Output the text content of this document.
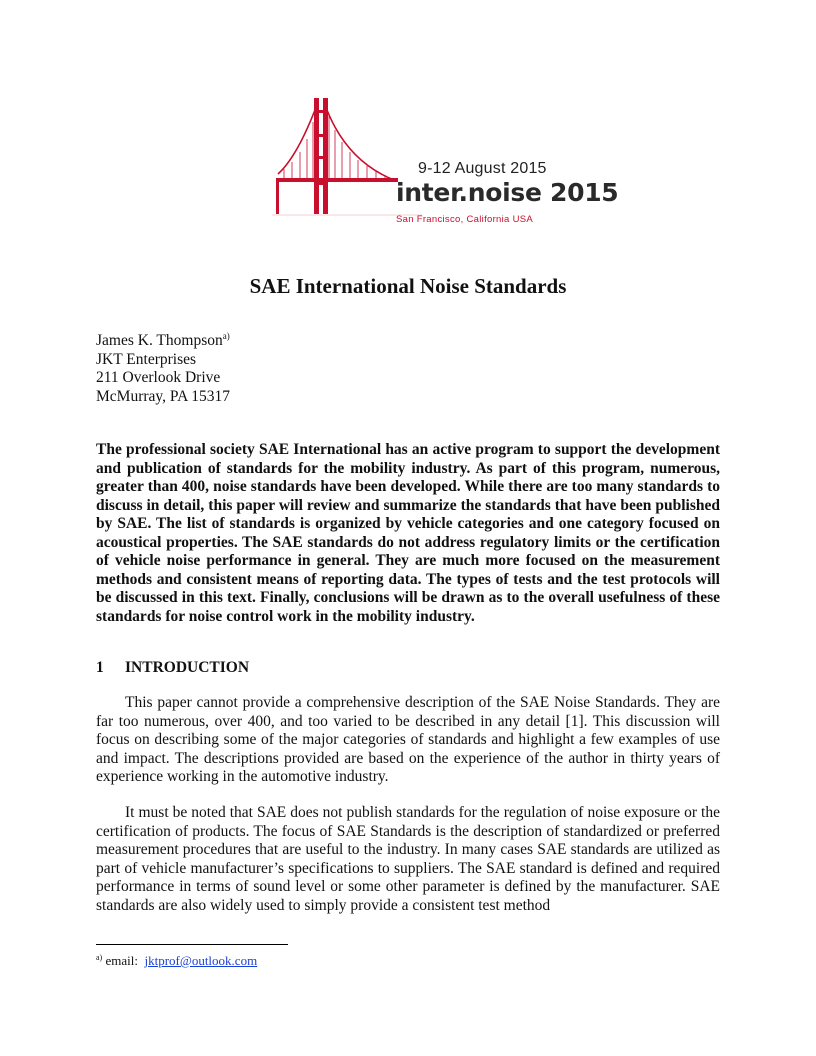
9-12 August 2015
inter.noise 2015
San Francisco, California USA
SAE International Noise Standards
James K. Thompson$^{a)}$
JKT Enterprises
211 Overlook Drive
McMurray, PA 15317

The professional society SAE International has an active program to support the development and publication of standards for the mobility industry. As part of this program, numerous, greater than 400, noise standards have been developed. While there are too many standards to discuss in detail, this paper will review and summarize the standards that have been published by SAE. The list of standards is organized by vehicle categories and one category focused on acoustical properties. The SAE standards do not address regulatory limits or the certification of vehicle noise performance in general. They are much more focused on the measurement methods and consistent means of reporting data. The types of tests and the test protocols will be discussed in this text. Finally, conclusions will be drawn as to the overall usefulness of these standards for noise control work in the mobility industry.

1 INTRODUCTION

This paper cannot provide a comprehensive description of the SAE Noise Standards. They are far too numerous, over 400, and too varied to be described in any detail [1]. This discussion will focus on describing some of the major categories of standards and highlight a few examples of use and impact. The descriptions provided are based on the experience of the author in thirty years of experience working in the automotive industry.

It must be noted that SAE does not publish standards for the regulation of noise exposure or the certification of products. The focus of SAE Standards is the description of standardized or preferred measurement procedures that are useful to the industry. In many cases SAE standards are utilized as part of vehicle manufacturer’s specifications to suppliers. The SAE standard is defined and required performance in terms of sound level or some other parameter is defined by the manufacturer. SAE standards are also widely used to simply provide a consistent test method

$^{a)}$ email: jktprof@outlook.com
